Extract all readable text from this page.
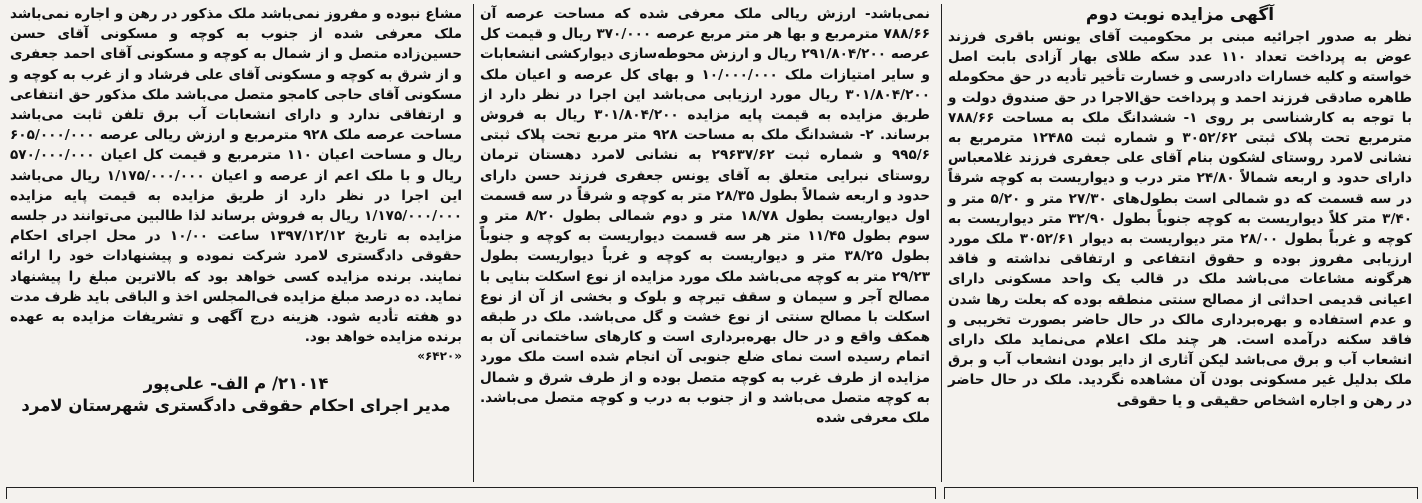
آگهی مزایده نوبت دوم

نظر به صدور اجرائیه مبنی بر محکومیت آقای یونس باقری فرزند عوض به پرداخت تعداد ۱۱۰ عدد سکه طلای بهار آزادی بابت اصل خواسته و کلیه خسارات دادرسی و خسارت تأخیر تأدیه در حق محکومله طاهره صادقی فرزند احمد و پرداخت حق‌الاجرا در حق صندوق دولت و با توجه به کارشناسی بر روی ۱- ششدانگ ملک به مساحت ۷۸۸/۶۶ مترمربع تحت پلاک ثبتی ۳۰۵۲/۶۲ و شماره ثبت ۱۲۴۸۵ مترمربع به نشانی لامرد روستای لشکون بنام آقای علی جعفری فرزند غلامعباس دارای حدود و اربعه شمالاً ۲۴/۸۰ متر درب و دیواریست به کوچه شرقاً در سه قسمت که دو شمالی است بطول‌های ۲۷/۳۰ متر و ۵/۲۰ متر و ۳/۴۰ متر کلاً دیواریست به کوچه جنوباً بطول ۳۲/۹۰ متر دیواریست به کوچه و غرباً بطول ۲۸/۰۰ متر دیواریست به دیوار ۳۰۵۲/۶۱ ملک مورد ارزیابی مفروز بوده و حقوق انتفاعی و ارتفاقی نداشته و فاقد هرگونه مشاعات می‌باشد ملک در قالب یک واحد مسکونی دارای اعیانی قدیمی احداثی از مصالح سنتی منطقه بوده که بعلت رها شدن و عدم استفاده و بهره‌برداری مالک در حال حاضر بصورت تخریبی و فاقد سکنه درآمده است. هر چند ملک اعلام می‌نماید ملک دارای انشعاب آب و برق می‌باشد لیکن آثاری از دایر بودن انشعاب آب و برق ملک بدلیل غیر مسکونی بودن آن مشاهده نگردید. ملک در حال حاضر در رهن و اجاره اشخاص حقیقی و یا حقوقی

نمی‌باشد- ارزش ریالی ملک معرفی شده که مساحت عرصه آن ۷۸۸/۶۶ مترمربع و بها هر متر مربع عرصه ۳۷۰/۰۰۰ ریال و قیمت کل عرصه ۲۹۱/۸۰۴/۲۰۰ ریال و ارزش محوطه‌سازی دیوارکشی انشعابات و سایر امتیازات ملک ۱۰/۰۰۰/۰۰۰ و بهای کل عرصه و اعیان ملک ۳۰۱/۸۰۴/۲۰۰ ریال مورد ارزیابی می‌باشد این اجرا در نظر دارد از طریق مزایده به قیمت پایه مزایده ۳۰۱/۸۰۴/۲۰۰ ریال به فروش برساند. ۲- ششدانگ ملک به مساحت ۹۲۸ متر مربع تحت پلاک ثبتی ۹۹۵/۶ و شماره ثبت ۲۹۶۳۷/۶۲ به نشانی لامرد دهستان ترمان روستای نبرایی متعلق به آقای یونس جعفری فرزند حسن دارای حدود و اربعه شمالاً بطول ۲۸/۳۵ متر به کوچه و شرقاً در سه قسمت اول دیواریست بطول ۱۸/۷۸ متر و دوم شمالی بطول ۸/۲۰ متر و سوم بطول ۱۱/۴۵ متر هر سه قسمت دیواریست به کوچه و جنوباً بطول ۳۸/۲۵ متر و دیواریست به کوچه و غرباً دیواریست بطول ۲۹/۲۳ متر به کوچه می‌باشد ملک مورد مزایده از نوع اسکلت بنایی با مصالح آجر و سیمان و سقف تیرچه و بلوک و بخشی از آن از نوع اسکلت با مصالح سنتی از نوع خشت و گل می‌باشد. ملک در طبقه همکف واقع و در حال بهره‌برداری است و کارهای ساختمانی آن به اتمام رسیده است نمای ضلع جنوبی آن انجام شده است ملک مورد مزایده از طرف غرب به کوچه متصل بوده و از طرف شرق و شمال به کوچه متصل می‌باشد و از جنوب به درب و کوچه متصل می‌باشد. ملک معرفی شده

مشاع نبوده و مفروز نمی‌باشد ملک مذکور در رهن و اجاره نمی‌باشد ملک معرفی شده از جنوب به کوچه و مسکونی آقای حسن حسین‌زاده متصل و از شمال به کوچه و مسکونی آقای احمد جعفری و از شرق به کوچه و مسکونی آقای علی فرشاد و از غرب به کوچه و مسکونی آقای حاجی کامجو متصل می‌باشد ملک مذکور حق انتفاعی و ارتفاقی ندارد و دارای انشعابات آب برق تلفن ثابت می‌باشد مساحت عرصه ملک ۹۲۸ مترمربع و ارزش ریالی عرصه ۶۰۵/۰۰۰/۰۰۰ ریال و مساحت اعیان ۱۱۰ مترمربع و قیمت کل اعیان ۵۷۰/۰۰۰/۰۰۰ ریال و با ملک اعم از عرصه و اعیان ۱/۱۷۵/۰۰۰/۰۰۰ ریال می‌باشد این اجرا در نظر دارد از طریق مزایده به قیمت پایه مزایده ۱/۱۷۵/۰۰۰/۰۰۰ ریال به فروش برساند لذا طالبین می‌توانند در جلسه مزایده به تاریخ ۱۳۹۷/۱۲/۱۲ ساعت ۱۰/۰۰ در محل اجرای احکام حقوقی دادگستری لامرد شرکت نموده و پیشنهادات خود را ارائه نمایند. برنده مزایده کسی خواهد بود که بالاترین مبلغ را پیشنهاد نماید. ده درصد مبلغ مزایده فی‌المجلس اخذ و الباقی باید ظرف مدت دو هفته تأدیه شود. هزینه درج آگهی و تشریفات مزایده به عهده برنده مزایده خواهد بود.

«۶۴۲۰»

۲۱۰۱۴/ م الف- علی‌پور

مدیر اجرای احکام حقوقی دادگستری شهرستان لامرد
